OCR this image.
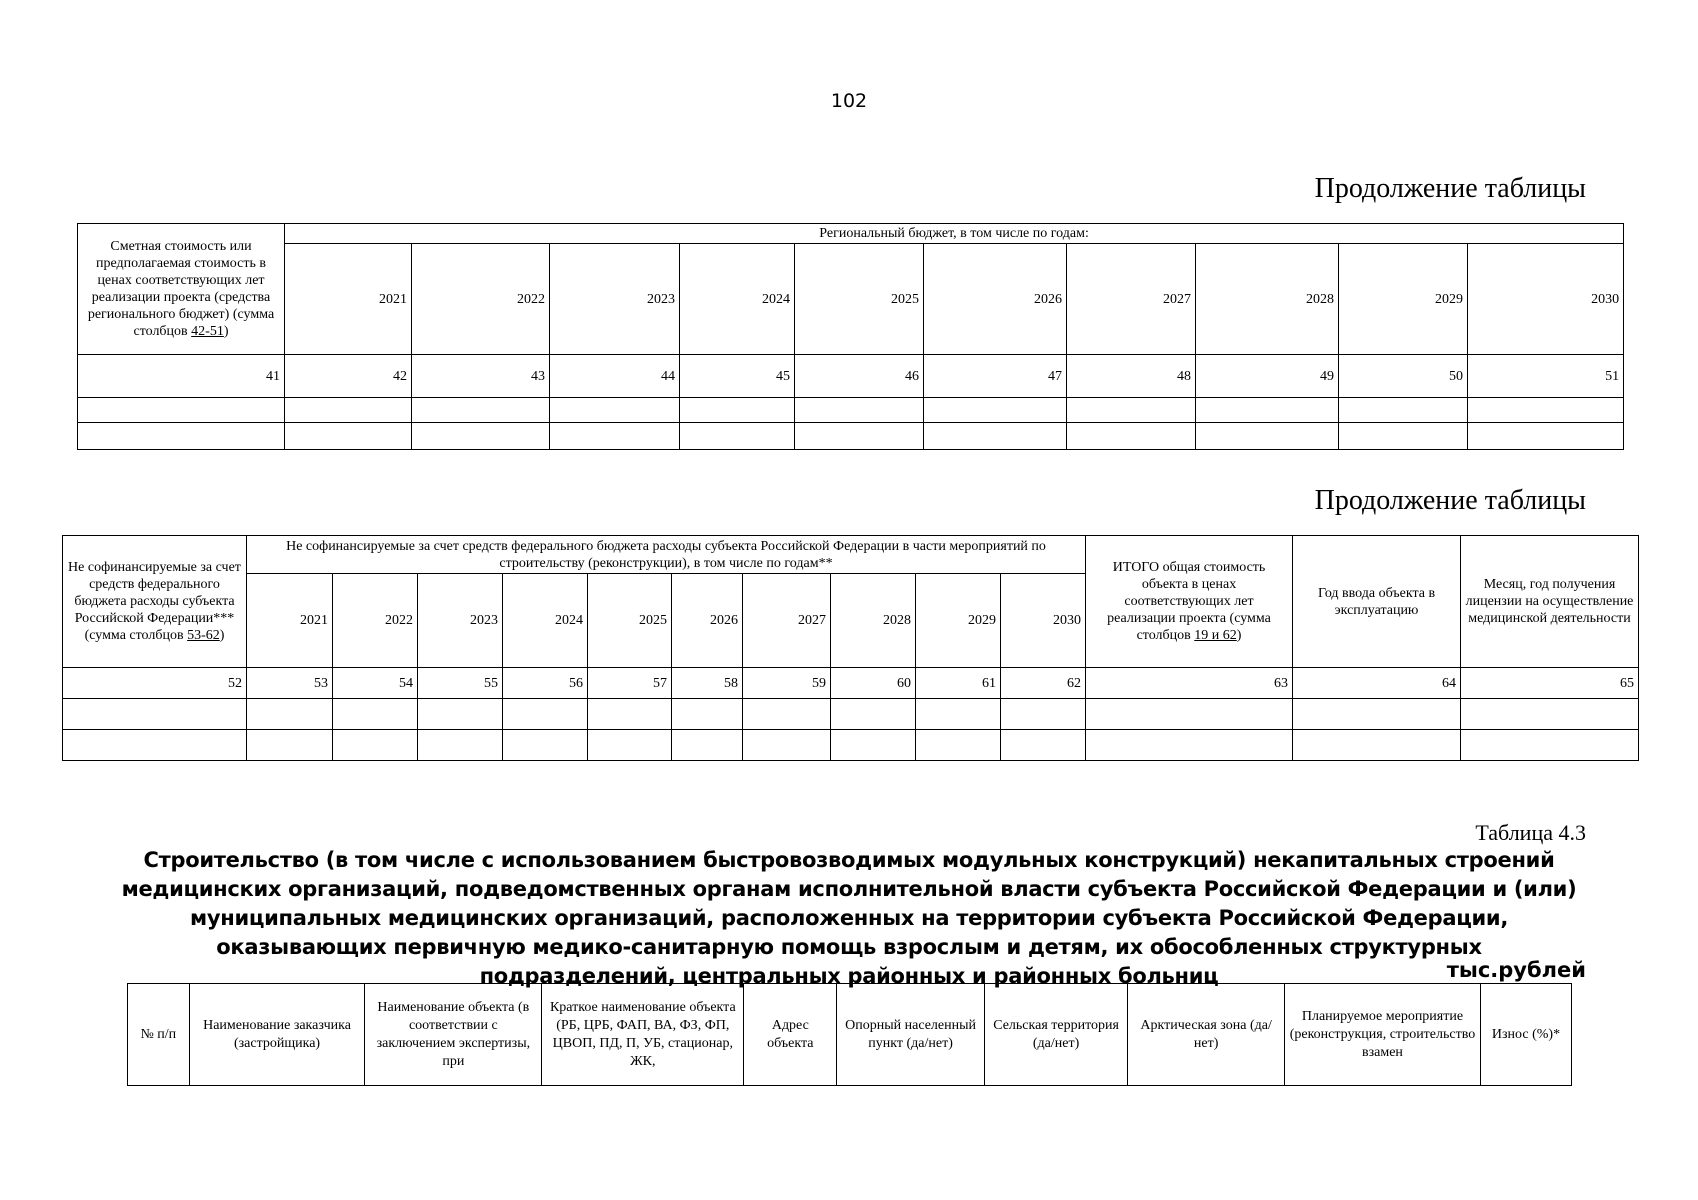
102
Продолжение таблицы
Сметная стоимость или предполагаемая стоимость в ценах соответствующих лет реализации проекта (средства регионального бюджет) (сумма столбцов 42-51)	Региональный бюджет, в том числе по годам:									
	2021	2022	2023	2024	2025	2026	2027	2028	2029	2030
41	42	43	44	45	46	47	48	49	50	51

Продолжение таблицы
Не софинансируемые за счет средств федерального бюджета расходы субъекта Российской Федерации*** (сумма столбцов 53-62)	Не софинансируемые за счет средств федерального бюджета расходы субъекта Российской Федерации в части мероприятий по строительству (реконструкции), в том числе по годам**										ИТОГО общая стоимость объекта в ценах соответствующих лет реализации проекта (сумма столбцов 19 и 62)	Год ввода объекта в эксплуатацию	Месяц, год получения лицензии на осуществление медицинской деятельности
	2021	2022	2023	2024	2025	2026	2027	2028	2029	2030			
52	53	54	55	56	57	58	59	60	61	62	63	64	65

Таблица 4.3
Строительство (в том числе с использованием быстровозводимых модульных конструкций) некапитальных строений медицинских организаций, подведомственных органам исполнительной власти субъекта Российской Федерации и (или) муниципальных медицинских организаций, расположенных на территории субъекта Российской Федерации, оказывающих первичную медико-санитарную помощь взрослым и детям, их обособленных структурных подразделений, центральных районных и районных больниц	тыс.рублей
№ п/п	Наименование заказчика (застройщика)	Наименование объекта (в соответствии с заключением экспертизы, при	Краткое наименование объекта (РБ, ЦРБ, ФАП, ВА, ФЗ, ФП, ЦВОП, ПД, П, УБ, стационар, ЖК,	Адрес объекта	Опорный населенный пункт (да/нет)	Сельская территория (да/нет)	Арктическая зона (да/нет)	Планируемое мероприятие (реконструкция, строительство взамен	Износ (%)*
